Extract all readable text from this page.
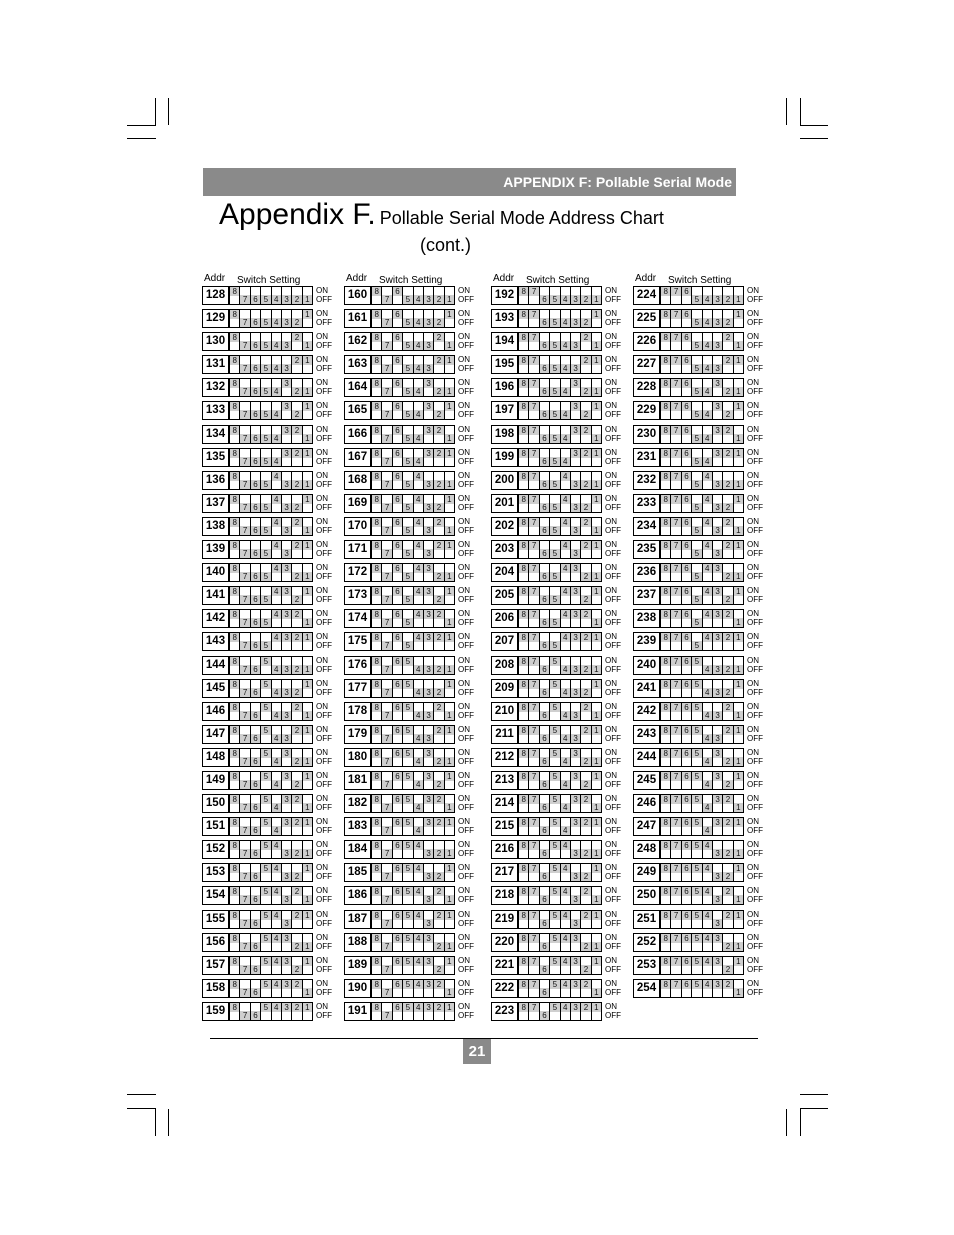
APPENDIX F: Pollable Serial Mode
Appendix F. Pollable Serial Mode Address Chart
(cont.)
Addr Switch Setting
128 8
7 6 5 4 3 2 1
ON
OFF
129 8
7 6 5 4 3 2
1 ON
OFF
130 8
7 6 5 4 3
2
1
ON
OFF
131 8
7 6 5 4 3
2 1 ON
OFF
132 8
7 6 5 4
3
2 1
ON
OFF
133 8
7 6 5 4
3
2
1 ON
OFF
134 8
7 6 5 4
3 2
1
ON
OFF
135 8
7 6 5 4
3 2 1 ON
OFF
136 8
7 6 5
4
3 2 1
ON
OFF
137 8
7 6 5
4
3 2
1 ON
OFF
138 8
7 6 5
4
3
2
1
ON
OFF
139 8
7 6 5
4
3
2 1 ON
OFF
140 8
7 6 5
4 3
2 1
ON
OFF
141 8
7 6 5
4 3
2
1 ON
OFF
142 8
7 6 5
4 3 2
1
ON
OFF
143 8
7 6 5
4 3 2 1 ON
OFF
144 8
7 6
5
4 3 2 1
ON
OFF
145 8
7 6
5
4 3 2
1 ON
OFF
146 8
7 6
5
4 3
2
1
ON
OFF
147 8
7 6
5
4 3
2 1 ON
OFF
148 8
7 6
5
4
3
2 1
ON
OFF
149 8
7 6
5
4
3
2
1 ON
OFF
150 8
7 6
5
4
3 2
1
ON
OFF
151 8
7 6
5
4
3 2 1 ON
OFF
152 8
7 6
5 4
3 2 1
ON
OFF
153 8
7 6
5 4
3 2
1 ON
OFF
154 8
7 6
5 4
3
2
1
ON
OFF
155 8
7 6
5 4
3
2 1 ON
OFF
156 8
7 6
5 4 3
2 1
ON
OFF
157 8
7 6
5 4 3
2
1 ON
OFF
158 8
7 6
5 4 3 2
1
ON
OFF
159 8
7 6
5 4 3 2 1 ON
OFF
Addr Switch Setting
160 8
7
6
5 4 3 2 1
ON
OFF
161 8
7
6
5 4 3 2
1 ON
OFF
162 8
7
6
5 4 3
2
1
ON
OFF
163 8
7
6
5 4 3
2 1 ON
OFF
164 8
7
6
5 4
3
2 1
ON
OFF
165 8
7
6
5 4
3
2
1 ON
OFF
166 8
7
6
5 4
3 2
1
ON
OFF
167 8
7
6
5 4
3 2 1 ON
OFF
168 8
7
6
5
4
3 2 1
ON
OFF
169 8
7
6
5
4
3 2
1 ON
OFF
170 8
7
6
5
4
3
2
1
ON
OFF
171 8
7
6
5
4
3
2 1 ON
OFF
172 8
7
6
5
4 3
2 1
ON
OFF
173 8
7
6
5
4 3
2
1 ON
OFF
174 8
7
6
5
4 3 2
1
ON
OFF
175 8
7
6
5
4 3 2 1 ON
OFF
176 8
7
6 5
4 3 2 1
ON
OFF
177 8
7
6 5
4 3 2
1 ON
OFF
178 8
7
6 5
4 3
2
1
ON
OFF
179 8
7
6 5
4 3
2 1 ON
OFF
180 8
7
6 5
4
3
2 1
ON
OFF
181 8
7
6 5
4
3
2
1 ON
OFF
182 8
7
6 5
4
3 2
1
ON
OFF
183 8
7
6 5
4
3 2 1 ON
OFF
184 8
7
6 5 4
3 2 1
ON
OFF
185 8
7
6 5 4
3 2
1 ON
OFF
186 8
7
6 5 4
3
2
1
ON
OFF
187 8
7
6 5 4
3
2 1 ON
OFF
188 8
7
6 5 4 3
2 1
ON
OFF
189 8
7
6 5 4 3
2
1 ON
OFF
190 8
7
6 5 4 3 2
1
ON
OFF
191 8
7
6 5 4 3 2 1 ON
OFF
Addr Switch Setting
192 8 7
6 5 4 3 2 1
ON
OFF
193 8 7
6 5 4 3 2
1 ON
OFF
194 8 7
6 5 4 3
2
1
ON
OFF
195 8 7
6 5 4 3
2 1 ON
OFF
196 8 7
6 5 4
3
2 1
ON
OFF
197 8 7
6 5 4
3
2
1 ON
OFF
198 8 7
6 5 4
3 2
1
ON
OFF
199 8 7
6 5 4
3 2 1 ON
OFF
200 8 7
6 5
4
3 2 1
ON
OFF
201 8 7
6 5
4
3 2
1 ON
OFF
202 8 7
6 5
4
3
2
1
ON
OFF
203 8 7
6 5
4
3
2 1 ON
OFF
204 8 7
6 5
4 3
2 1
ON
OFF
205 8 7
6 5
4 3
2
1 ON
OFF
206 8 7
6 5
4 3 2
1
ON
OFF
207 8 7
6 5
4 3 2 1 ON
OFF
208 8 7
6
5
4 3 2 1
ON
OFF
209 8 7
6
5
4 3 2
1 ON
OFF
210 8 7
6
5
4 3
2
1
ON
OFF
211 8 7
6
5
4 3
2 1 ON
OFF
212 8 7
6
5
4
3
2 1
ON
OFF
213 8 7
6
5
4
3
2
1 ON
OFF
214 8 7
6
5
4
3 2
1
ON
OFF
215 8 7
6
5
4
3 2 1 ON
OFF
216 8 7
6
5 4
3 2 1
ON
OFF
217 8 7
6
5 4
3 2
1 ON
OFF
218 8 7
6
5 4
3
2
1
ON
OFF
219 8 7
6
5 4
3
2 1 ON
OFF
220 8 7
6
5 4 3
2 1
ON
OFF
221 8 7
6
5 4 3
2
1 ON
OFF
222 8 7
6
5 4 3 2
1
ON
OFF
223 8 7
6
5 4 3 2 1 ON
OFF
Addr Switch Setting
224 8 7 6
5 4 3 2 1
ON
OFF
225 8 7 6
5 4 3 2
1 ON
OFF
226 8 7 6
5 4 3
2
1
ON
OFF
227 8 7 6
5 4 3
2 1 ON
OFF
228 8 7 6
5 4
3
2 1
ON
OFF
229 8 7 6
5 4
3
2
1 ON
OFF
230 8 7 6
5 4
3 2
1
ON
OFF
231 8 7 6
5 4
3 2 1 ON
OFF
232 8 7 6
5
4
3 2 1
ON
OFF
233 8 7 6
5
4
3 2
1 ON
OFF
234 8 7 6
5
4
3
2
1
ON
OFF
235 8 7 6
5
4
3
2 1 ON
OFF
236 8 7 6
5
4 3
2 1
ON
OFF
237 8 7 6
5
4 3
2
1 ON
OFF
238 8 7 6
5
4 3 2
1
ON
OFF
239 8 7 6
5
4 3 2 1 ON
OFF
240 8 7 6 5
4 3 2 1
ON
OFF
241 8 7 6 5
4 3 2
1 ON
OFF
242 8 7 6 5
4 3
2
1
ON
OFF
243 8 7 6 5
4 3
2 1 ON
OFF
244 8 7 6 5
4
3
2 1
ON
OFF
245 8 7 6 5
4
3
2
1 ON
OFF
246 8 7 6 5
4
3 2
1
ON
OFF
247 8 7 6 5
4
3 2 1 ON
OFF
248 8 7 6 5 4
3 2 1
ON
OFF
249 8 7 6 5 4
3 2
1 ON
OFF
250 8 7 6 5 4
3
2
1
ON
OFF
251 8 7 6 5 4
3
2 1 ON
OFF
252 8 7 6 5 4 3
2 1
ON
OFF
253 8 7 6 5 4 3
2
1 ON
OFF
254 8 7 6 5 4 3 2
1
ON
OFF
21
